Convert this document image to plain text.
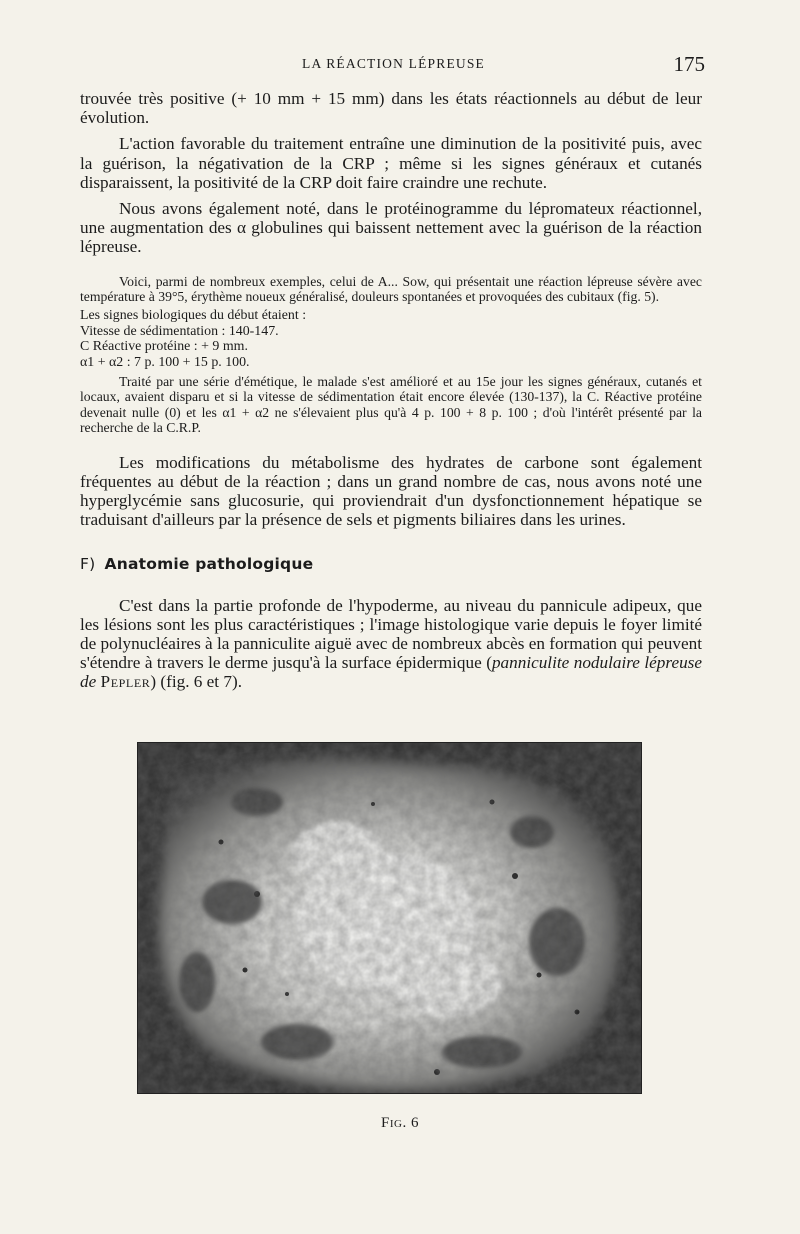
LA RÉACTION LÉPREUSE	175

trouvée très positive (+ 10 mm + 15 mm) dans les états réactionnels au début de leur évolution.

L'action favorable du traitement entraîne une diminution de la positivité puis, avec la guérison, la négativation de la CRP ; même si les signes généraux et cutanés disparaissent, la positivité de la CRP doit faire craindre une rechute.

Nous avons également noté, dans le protéinogramme du lépromateux réactionnel, une augmentation des α globulines qui baissent nettement avec la guérison de la réaction lépreuse.

Voici, parmi de nombreux exemples, celui de A... Sow, qui présentait une réaction lépreuse sévère avec température à 39°5, érythème noueux généralisé, douleurs spontanées et provoquées des cubitaux (fig. 5).

Les signes biologiques du début étaient :

Vitesse de sédimentation : 140-147.

C Réactive protéine : + 9 mm.

α1 + α2 : 7 p. 100 + 15 p. 100.

Traité par une série d'émétique, le malade s'est amélioré et au 15e jour les signes généraux, cutanés et locaux, avaient disparu et si la vitesse de sédimentation était encore élevée (130-137), la C. Réactive protéine devenait nulle (0) et les α1 + α2 ne s'élevaient plus qu'à 4 p. 100 + 8 p. 100 ; d'où l'intérêt présenté par la recherche de la C.R.P.

Les modifications du métabolisme des hydrates de carbone sont également fréquentes au début de la réaction ; dans un grand nombre de cas, nous avons noté une hyperglycémie sans glucosurie, qui proviendrait d'un dysfonctionnement hépatique se traduisant d'ailleurs par la présence de sels et pigments biliaires dans les urines.

F) Anatomie pathologique

C'est dans la partie profonde de l'hypoderme, au niveau du pannicule adipeux, que les lésions sont les plus caractéristiques ; l'image histologique varie depuis le foyer limité de polynucléaires à la panniculite aiguë avec de nombreux abcès en formation qui peuvent s'étendre à travers le derme jusqu'à la surface épidermique (panniculite nodulaire lépreuse de Pepler) (fig. 6 et 7).

Fig. 6
